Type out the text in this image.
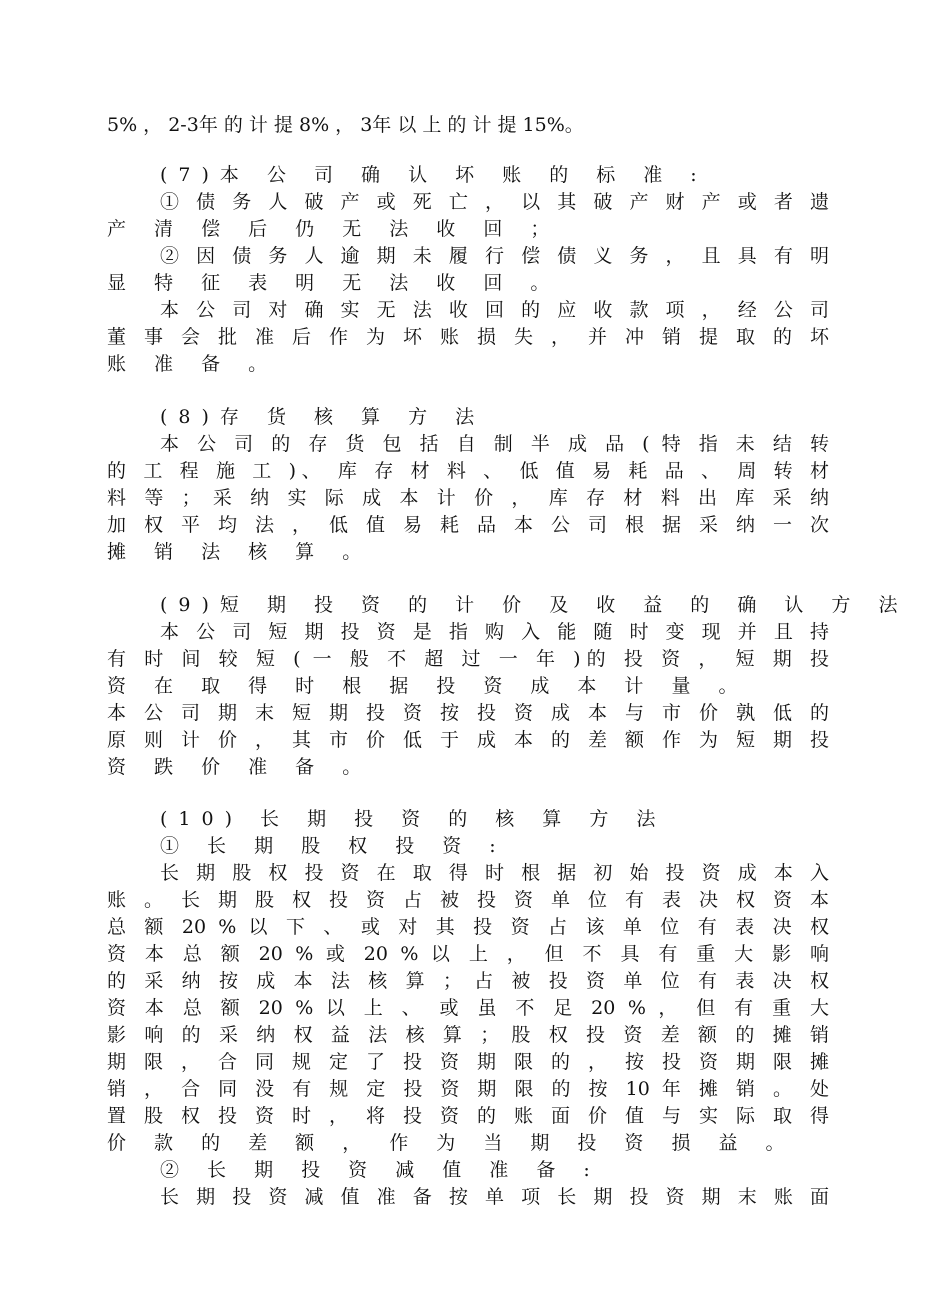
5% ， 2-3年 的 计 提 8% ， 3年 以 上 的 计 提 15%。
(7)本 公 司 确 认 坏 账 的 标 准 :
① 债 务 人 破 产 或 死 亡 ， 以 其 破 产 财 产 或 者 遗
产 清 偿 后 仍 无 法 收 回 ；
② 因 债 务 人 逾 期 未 履 行 偿 债 义 务 ， 且 具 有 明
显 特 征 表 明 无 法 收 回 。
本 公 司 对 确 实 无 法 收 回 的 应 收 款 项 ， 经 公 司
董 事 会 批 准 后 作 为 坏 账 损 失 ， 并 冲 销 提 取 的 坏
账 准 备 。
(8)存 货 核 算 方 法
本 公 司 的 存 货 包 括 自 制 半 成 品 ( 特 指 未 结 转
的 工 程 施 工 )、 库 存 材 料 、 低 值 易 耗 品 、 周 转 材
料 等 ； 采 纳 实 际 成 本 计 价 ， 库 存 材 料 出 库 采 纳
加 权 平 均 法 ， 低 值 易 耗 品 本 公 司 根 据 采 纳 一 次
摊 销 法 核 算 。
(9)短 期 投 资 的 计 价 及 收 益 的 确 认 方 法
本 公 司 短 期 投 资 是 指 购 入 能 随 时 变 现 并 且 持
有 时 间 较 短 ( 一 般 不 超 过 一 年 )的 投 资 ， 短 期 投
资 在 取 得 时 根 据 投 资 成 本 计 量 。
本 公 司 期 末 短 期 投 资 按 投 资 成 本 与 市 价 孰 低 的
原 则 计 价 ， 其 市 价 低 于 成 本 的 差 额 作 为 短 期 投
资 跌 价 准 备 。
(10) 长 期 投 资 的 核 算 方 法
① 长 期 股 权 投 资 :
长 期 股 权 投 资 在 取 得 时 根 据 初 始 投 资 成 本 入
账 。 长 期 股 权 投 资 占 被 投 资 单 位 有 表 决 权 资 本
总 额 20 % 以 下 、 或 对 其 投 资 占 该 单 位 有 表 决 权
资 本 总 额 20 % 或 20 % 以 上 ， 但 不 具 有 重 大 影 响
的 采 纳 按 成 本 法 核 算 ； 占 被 投 资 单 位 有 表 决 权
资 本 总 额 20 % 以 上 、 或 虽 不 足 20 % ， 但 有 重 大
影 响 的 采 纳 权 益 法 核 算 ； 股 权 投 资 差 额 的 摊 销
期 限 ， 合 同 规 定 了 投 资 期 限 的 ， 按 投 资 期 限 摊
销 ， 合 同 没 有 规 定 投 资 期 限 的 按 10 年 摊 销 。 处
置 股 权 投 资 时 ， 将 投 资 的 账 面 价 值 与 实 际 取 得
价 款 的 差 额 ， 作 为 当 期 投 资 损 益 。
② 长 期 投 资 减 值 准 备 :
长 期 投 资 减 值 准 备 按 单 项 长 期 投 资 期 末 账 面
